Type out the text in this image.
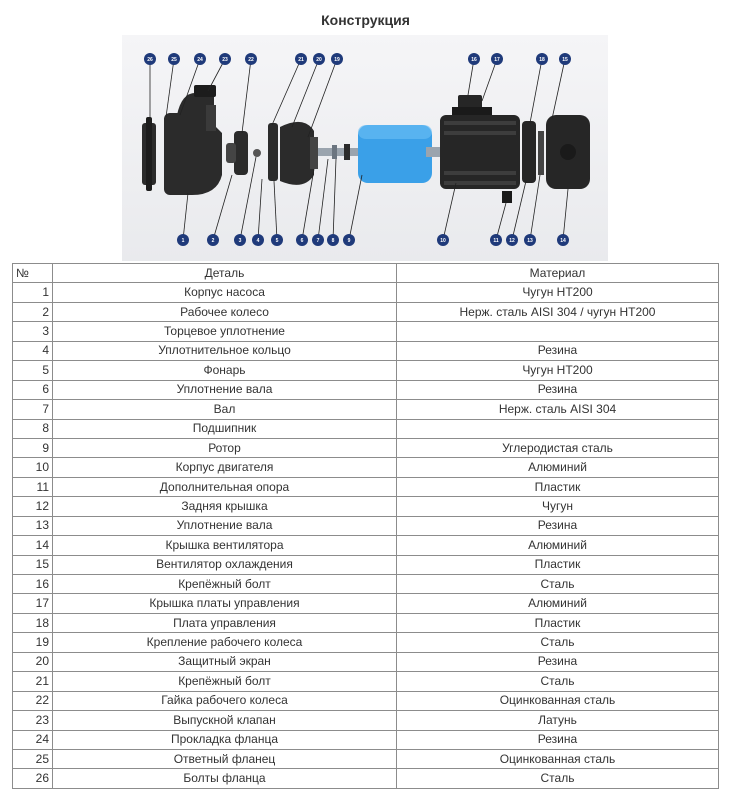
Конструкция
26	25	24	23	22	21 20 19	16	17	18	15
1	2	3	4	5	6	7 8	9	10	11 12 13	14
№	Деталь	Материал
1	Корпус насоса	Чугун HT200
2	Рабочее колесо	Нерж. сталь AISI 304 / чугун HT200
3	Торцевое уплотнение	
4	Уплотнительное кольцо	Резина
5	Фонарь	Чугун HT200
6	Уплотнение вала	Резина
7	Вал	Нерж. сталь AISI 304
8	Подшипник	
9	Ротор	Углеродистая сталь
10	Корпус двигателя	Алюминий
11	Дополнительная опора	Пластик
12	Задняя крышка	Чугун
13	Уплотнение вала	Резина
14	Крышка вентилятора	Алюминий
15	Вентилятор охлаждения	Пластик
16	Крепёжный болт	Сталь
17	Крышка платы управления	Алюминий
18	Плата управления	Пластик
19	Крепление рабочего колеса	Сталь
20	Защитный экран	Резина
21	Крепёжный болт	Сталь
22	Гайка рабочего колеса	Оцинкованная сталь
23	Выпускной клапан	Латунь
24	Прокладка фланца	Резина
25	Ответный фланец	Оцинкованная сталь
26	Болты фланца	Сталь
